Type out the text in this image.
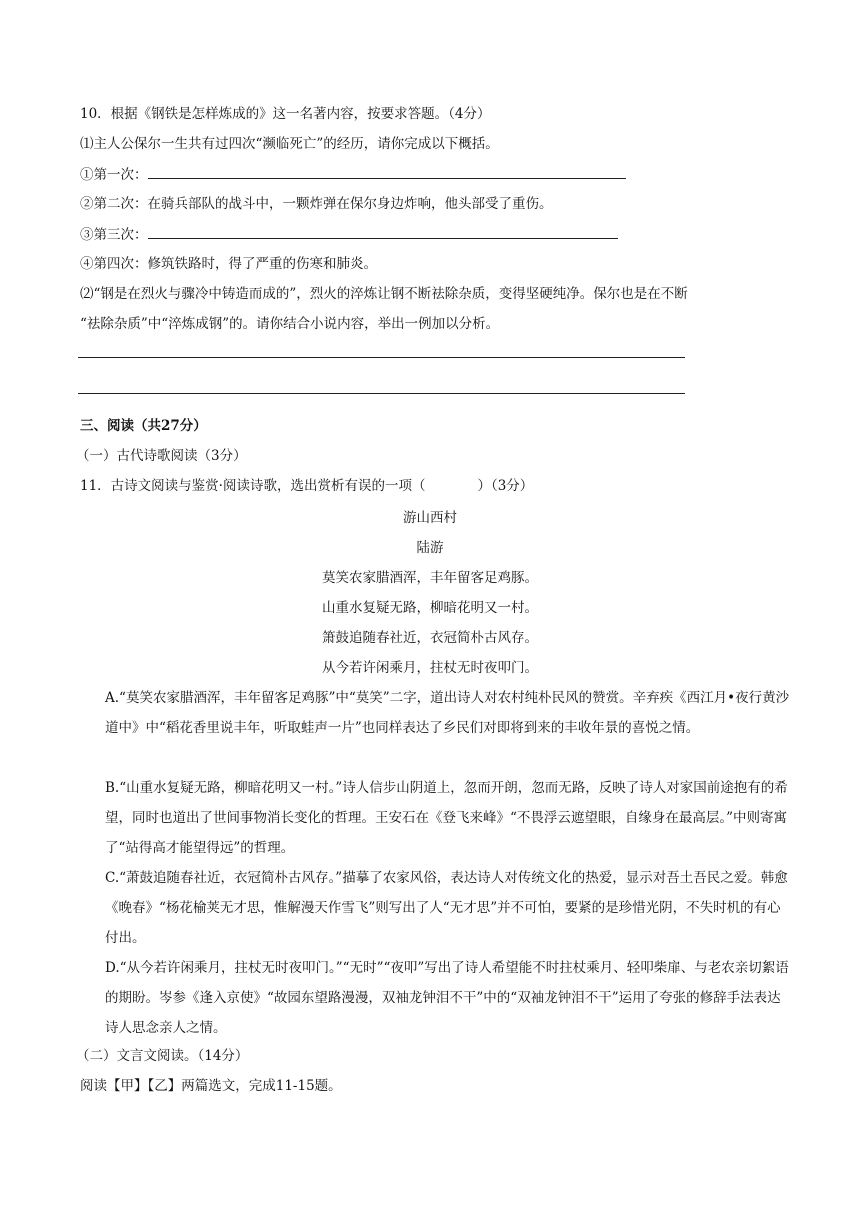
10．根据《钢铁是怎样炼成的》这一名著内容，按要求答题。（4分）
⑴主人公保尔一生共有过四次“濒临死亡”的经历，请你完成以下概括。
①第一次：
②第二次：在骑兵部队的战斗中，一颗炸弹在保尔身边炸响，他头部受了重伤。
③第三次：
④第四次：修筑铁路时，得了严重的伤寒和肺炎。
⑵“钢是在烈火与骤冷中铸造而成的”，烈火的淬炼让钢不断祛除杂质，变得坚硬纯净。保尔也是在不断
“祛除杂质”中“淬炼成钢”的。请你结合小说内容，举出一例加以分析。
三、阅读（共27分）
（一）古代诗歌阅读（3分）
11．古诗文阅读与鉴赏·阅读诗歌，选出赏析有误的一项（	）（3分）
游山西村
陆游
莫笑农家腊酒浑，丰年留客足鸡豚。
山重水复疑无路，柳暗花明又一村。
箫鼓追随春社近，衣冠简朴古风存。
从今若许闲乘月，拄杖无时夜叩门。
A.“莫笑农家腊酒浑，丰年留客足鸡豚”中“莫笑”二字，道出诗人对农村纯朴民风的赞赏。辛弃疾《西江月•夜行黄沙道中》中“稻花香里说丰年，听取蛙声一片”也同样表达了乡民们对即将到来的丰收年景的喜悦之情。
B.“山重水复疑无路，柳暗花明又一村。”诗人信步山阴道上，忽而开朗，忽而无路，反映了诗人对家国前途抱有的希望，同时也道出了世间事物消长变化的哲理。王安石在《登飞来峰》“不畏浮云遮望眼，自缘身在最高层。”中则寄寓了“站得高才能望得远”的哲理。
C.“萧鼓追随春社近，衣冠简朴古风存。”描摹了农家风俗，表达诗人对传统文化的热爱，显示对吾土吾民之爱。韩愈《晚春》“杨花榆荚无才思，惟解漫天作雪飞”则写出了人“无才思”并不可怕，要紧的是珍惜光阴，不失时机的有心付出。
D.“从今若许闲乘月，拄杖无时夜叩门。”“无时”“夜叩”写出了诗人希望能不时拄杖乘月、轻叩柴扉、与老农亲切絮语的期盼。岑参《逢入京使》“故园东望路漫漫，双袖龙钟泪不干”中的“双袖龙钟泪不干”运用了夸张的修辞手法表达诗人思念亲人之情。
（二）文言文阅读。（14分）
阅读【甲】【乙】两篇选文，完成11-15题。
